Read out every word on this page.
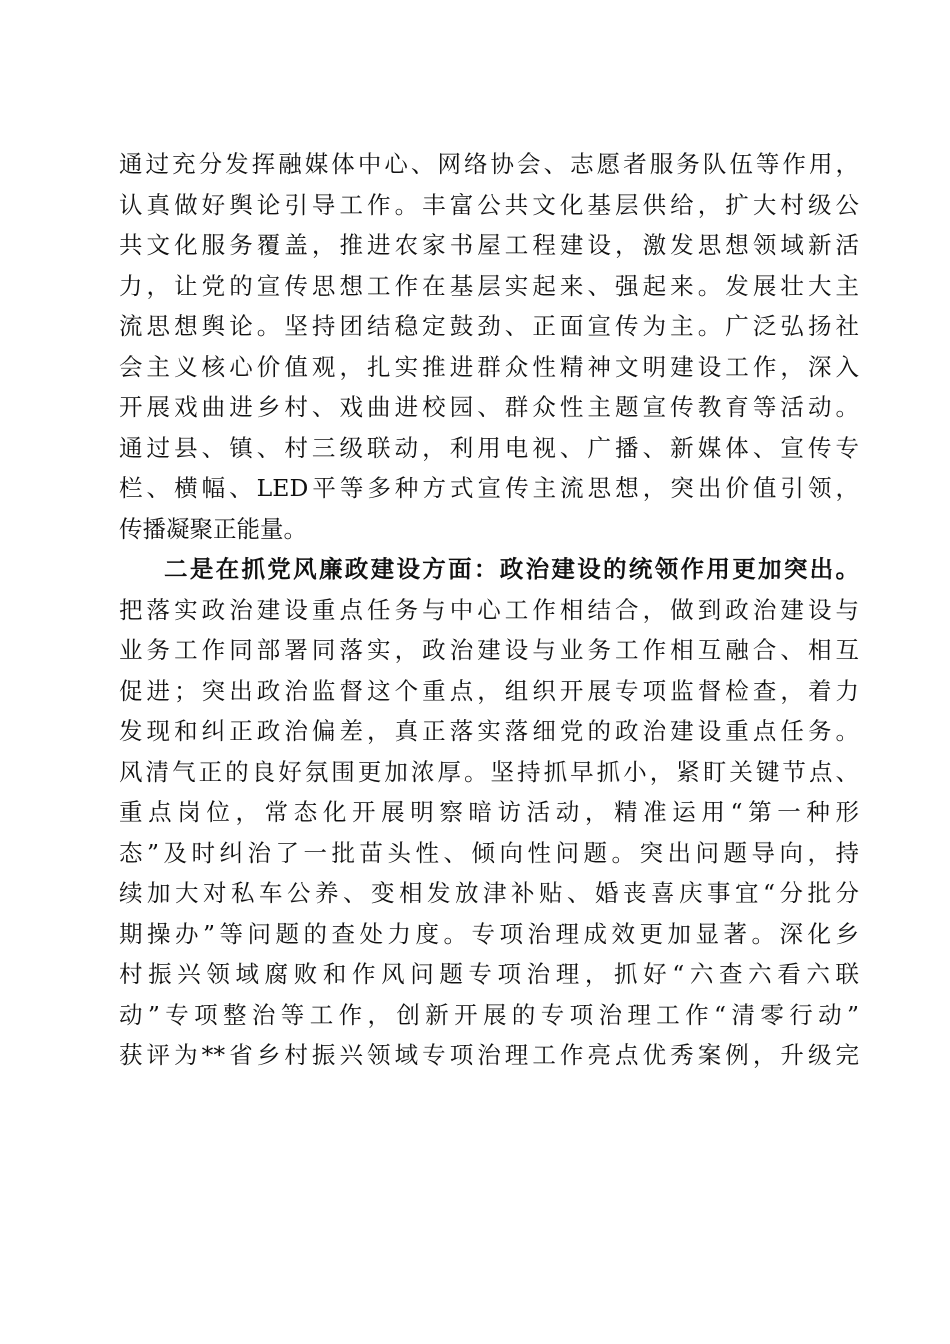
通过充分发挥融媒体中心、网络协会、志愿者服务队伍等作用，
认真做好舆论引导工作。丰富公共文化基层供给，扩大村级公
共文化服务覆盖，推进农家书屋工程建设，激发思想领域新活
力，让党的宣传思想工作在基层实起来、强起来。发展壮大主
流思想舆论。坚持团结稳定鼓劲、正面宣传为主。广泛弘扬社
会主义核心价值观，扎实推进群众性精神文明建设工作，深入
开展戏曲进乡村、戏曲进校园、群众性主题宣传教育等活动。
通过县、镇、村三级联动，利用电视、广播、新媒体、宣传专
栏、横幅、LED平等多种方式宣传主流思想，突出价值引领，
传播凝聚正能量。
二是在抓党风廉政建设方面：政治建设的统领作用更加突出。
把落实政治建设重点任务与中心工作相结合，做到政治建设与
业务工作同部署同落实，政治建设与业务工作相互融合、相互
促进；突出政治监督这个重点，组织开展专项监督检查，着力
发现和纠正政治偏差，真正落实落细党的政治建设重点任务。
风清气正的良好氛围更加浓厚。坚持抓早抓小，紧盯关键节点、
重点岗位，常态化开展明察暗访活动，精准运用“第一种形
态”及时纠治了一批苗头性、倾向性问题。突出问题导向，持
续加大对私车公养、变相发放津补贴、婚丧喜庆事宜“分批分
期操办”等问题的查处力度。专项治理成效更加显著。深化乡
村振兴领域腐败和作风问题专项治理，抓好“六查六看六联
动”专项整治等工作，创新开展的专项治理工作“清零行动”
获评为**省乡村振兴领域专项治理工作亮点优秀案例，升级完
